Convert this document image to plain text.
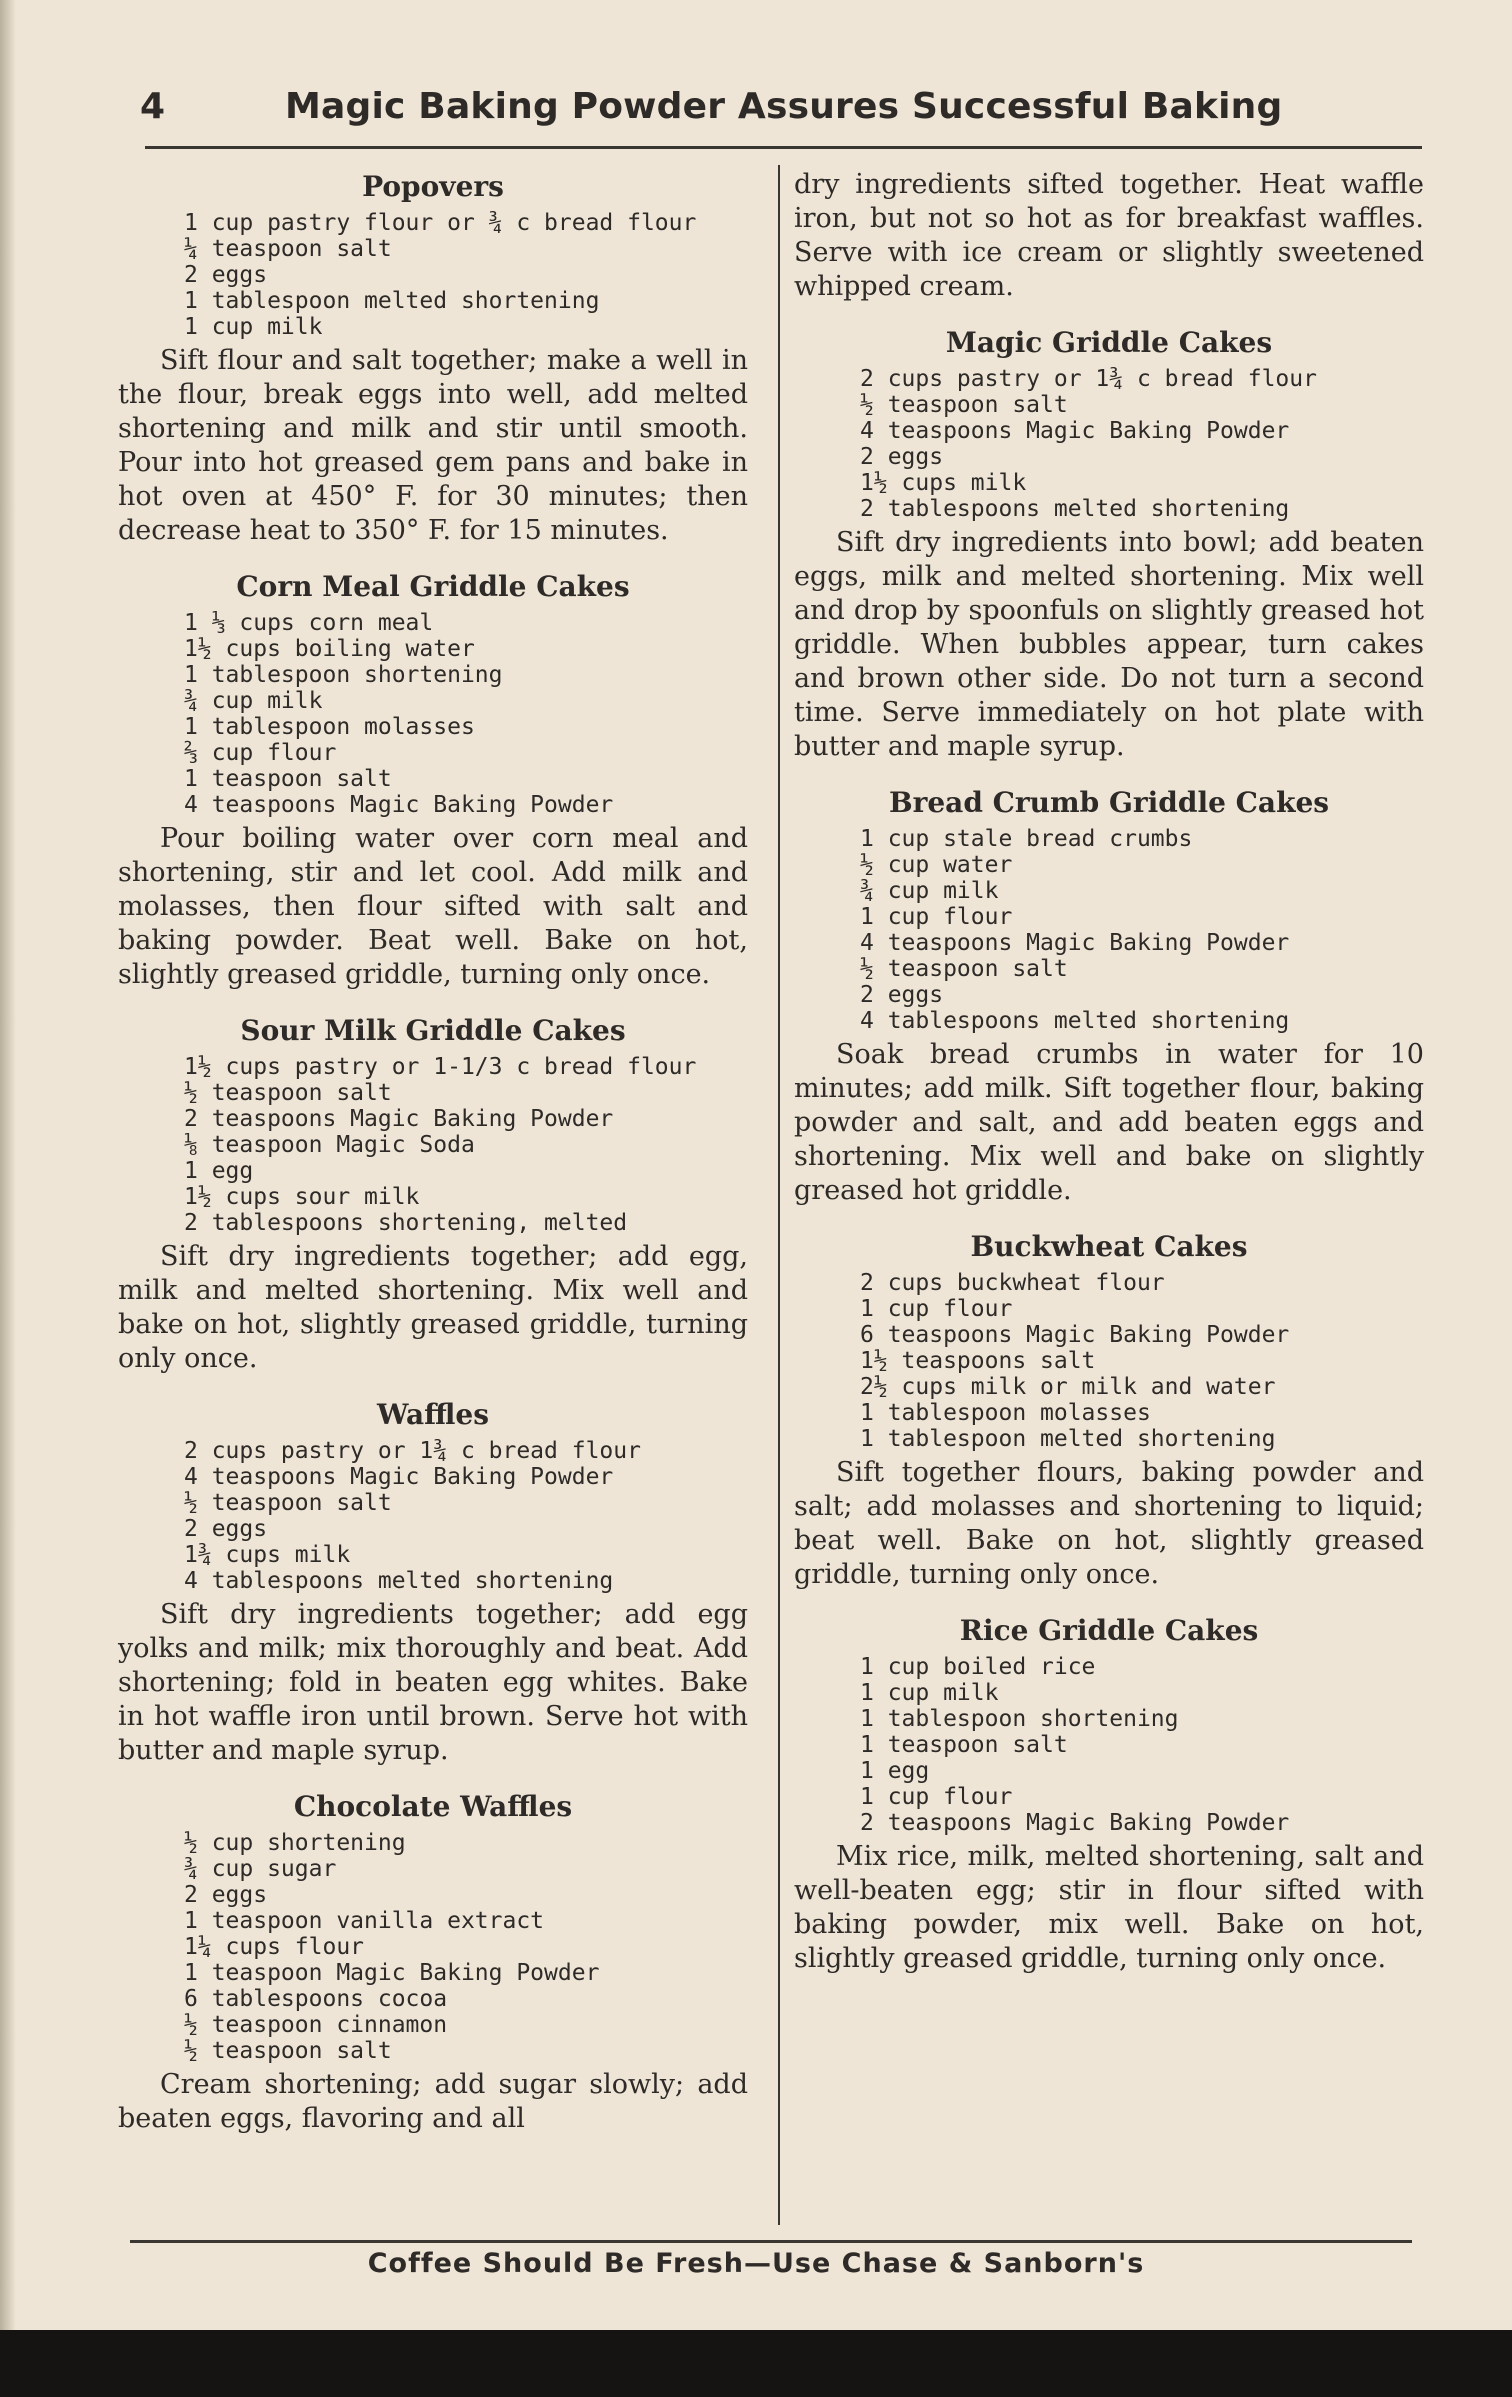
4	Magic Baking Powder Assures Successful Baking
Popovers
1 cup pastry flour or ¾ c bread flour
¼ teaspoon salt
2 eggs
1 tablespoon melted shortening
1 cup milk

Sift flour and salt together; make a well in the flour, break eggs into well, add melted shortening and milk and stir until smooth. Pour into hot greased gem pans and bake in hot oven at 450° F. for 30 minutes; then decrease heat to 350° F. for 15 minutes.

Corn Meal Griddle Cakes
1 ⅓ cups corn meal
1½ cups boiling water
1 tablespoon shortening
¾ cup milk
1 tablespoon molasses
⅔ cup flour
1 teaspoon salt
4 teaspoons Magic Baking Powder

Pour boiling water over corn meal and shortening, stir and let cool. Add milk and molasses, then flour sifted with salt and baking powder. Beat well. Bake on hot, slightly greased griddle, turning only once.

Sour Milk Griddle Cakes
1½ cups pastry or 1-1/3 c bread flour
½ teaspoon salt
2 teaspoons Magic Baking Powder
⅛ teaspoon Magic Soda
1 egg
1½ cups sour milk
2 tablespoons shortening, melted

Sift dry ingredients together; add egg, milk and melted shortening. Mix well and bake on hot, slightly greased griddle, turning only once.

Waffles
2 cups pastry or 1¾ c bread flour
4 teaspoons Magic Baking Powder
½ teaspoon salt
2 eggs
1¾ cups milk
4 tablespoons melted shortening

Sift dry ingredients together; add egg yolks and milk; mix thoroughly and beat. Add shortening; fold in beaten egg whites. Bake in hot waffle iron until brown. Serve hot with butter and maple syrup.

Chocolate Waffles
½ cup shortening
¾ cup sugar
2 eggs
1 teaspoon vanilla extract
1¼ cups flour
1 teaspoon Magic Baking Powder
6 tablespoons cocoa
½ teaspoon cinnamon
½ teaspoon salt

Cream shortening; add sugar slowly; add beaten eggs, flavoring and all

dry ingredients sifted together. Heat waffle iron, but not so hot as for breakfast waffles. Serve with ice cream or slightly sweetened whipped cream.

Magic Griddle Cakes
2 cups pastry or 1¾ c bread flour
½ teaspoon salt
4 teaspoons Magic Baking Powder
2 eggs
1½ cups milk
2 tablespoons melted shortening

Sift dry ingredients into bowl; add beaten eggs, milk and melted shortening. Mix well and drop by spoonfuls on slightly greased hot griddle. When bubbles appear, turn cakes and brown other side. Do not turn a second time. Serve immediately on hot plate with butter and maple syrup.

Bread Crumb Griddle Cakes
1 cup stale bread crumbs
½ cup water
¾ cup milk
1 cup flour
4 teaspoons Magic Baking Powder
½ teaspoon salt
2 eggs
4 tablespoons melted shortening

Soak bread crumbs in water for 10 minutes; add milk. Sift together flour, baking powder and salt, and add beaten eggs and shortening. Mix well and bake on slightly greased hot griddle.

Buckwheat Cakes
2 cups buckwheat flour
1 cup flour
6 teaspoons Magic Baking Powder
1½ teaspoons salt
2½ cups milk or milk and water
1 tablespoon molasses
1 tablespoon melted shortening

Sift together flours, baking powder and salt; add molasses and shortening to liquid; beat well. Bake on hot, slightly greased griddle, turning only once.

Rice Griddle Cakes
1 cup boiled rice
1 cup milk
1 tablespoon shortening
1 teaspoon salt
1 egg
1 cup flour
2 teaspoons Magic Baking Powder

Mix rice, milk, melted shortening, salt and well-beaten egg; stir in flour sifted with baking powder, mix well. Bake on hot, slightly greased griddle, turning only once.

Coffee Should Be Fresh—Use Chase & Sanborn's
